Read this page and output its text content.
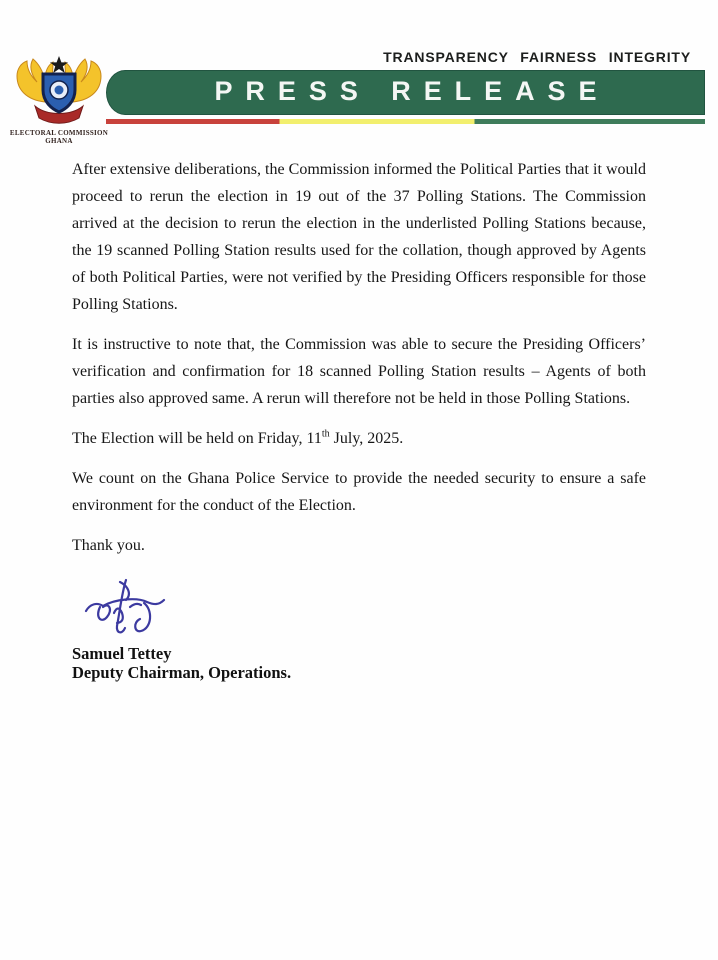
TRANSPARENCY FAIRNESS INTEGRITY
ELECTORAL COMMISSION
GHANA
PRESS RELEASE

After extensive deliberations, the Commission informed the Political Parties that it would proceed to rerun the election in 19 out of the 37 Polling Stations. The Commission arrived at the decision to rerun the election in the underlisted Polling Stations because, the 19 scanned Polling Station results used for the collation, though approved by Agents of both Political Parties, were not verified by the Presiding Officers responsible for those Polling Stations.

It is instructive to note that, the Commission was able to secure the Presiding Officers’ verification and confirmation for 18 scanned Polling Station results – Agents of both parties also approved same. A rerun will therefore not be held in those Polling Stations.

The Election will be held on Friday, 11th July, 2025.

We count on the Ghana Police Service to provide the needed security to ensure a safe environment for the conduct of the Election.

Thank you.

Samuel Tettey
Deputy Chairman, Operations.
